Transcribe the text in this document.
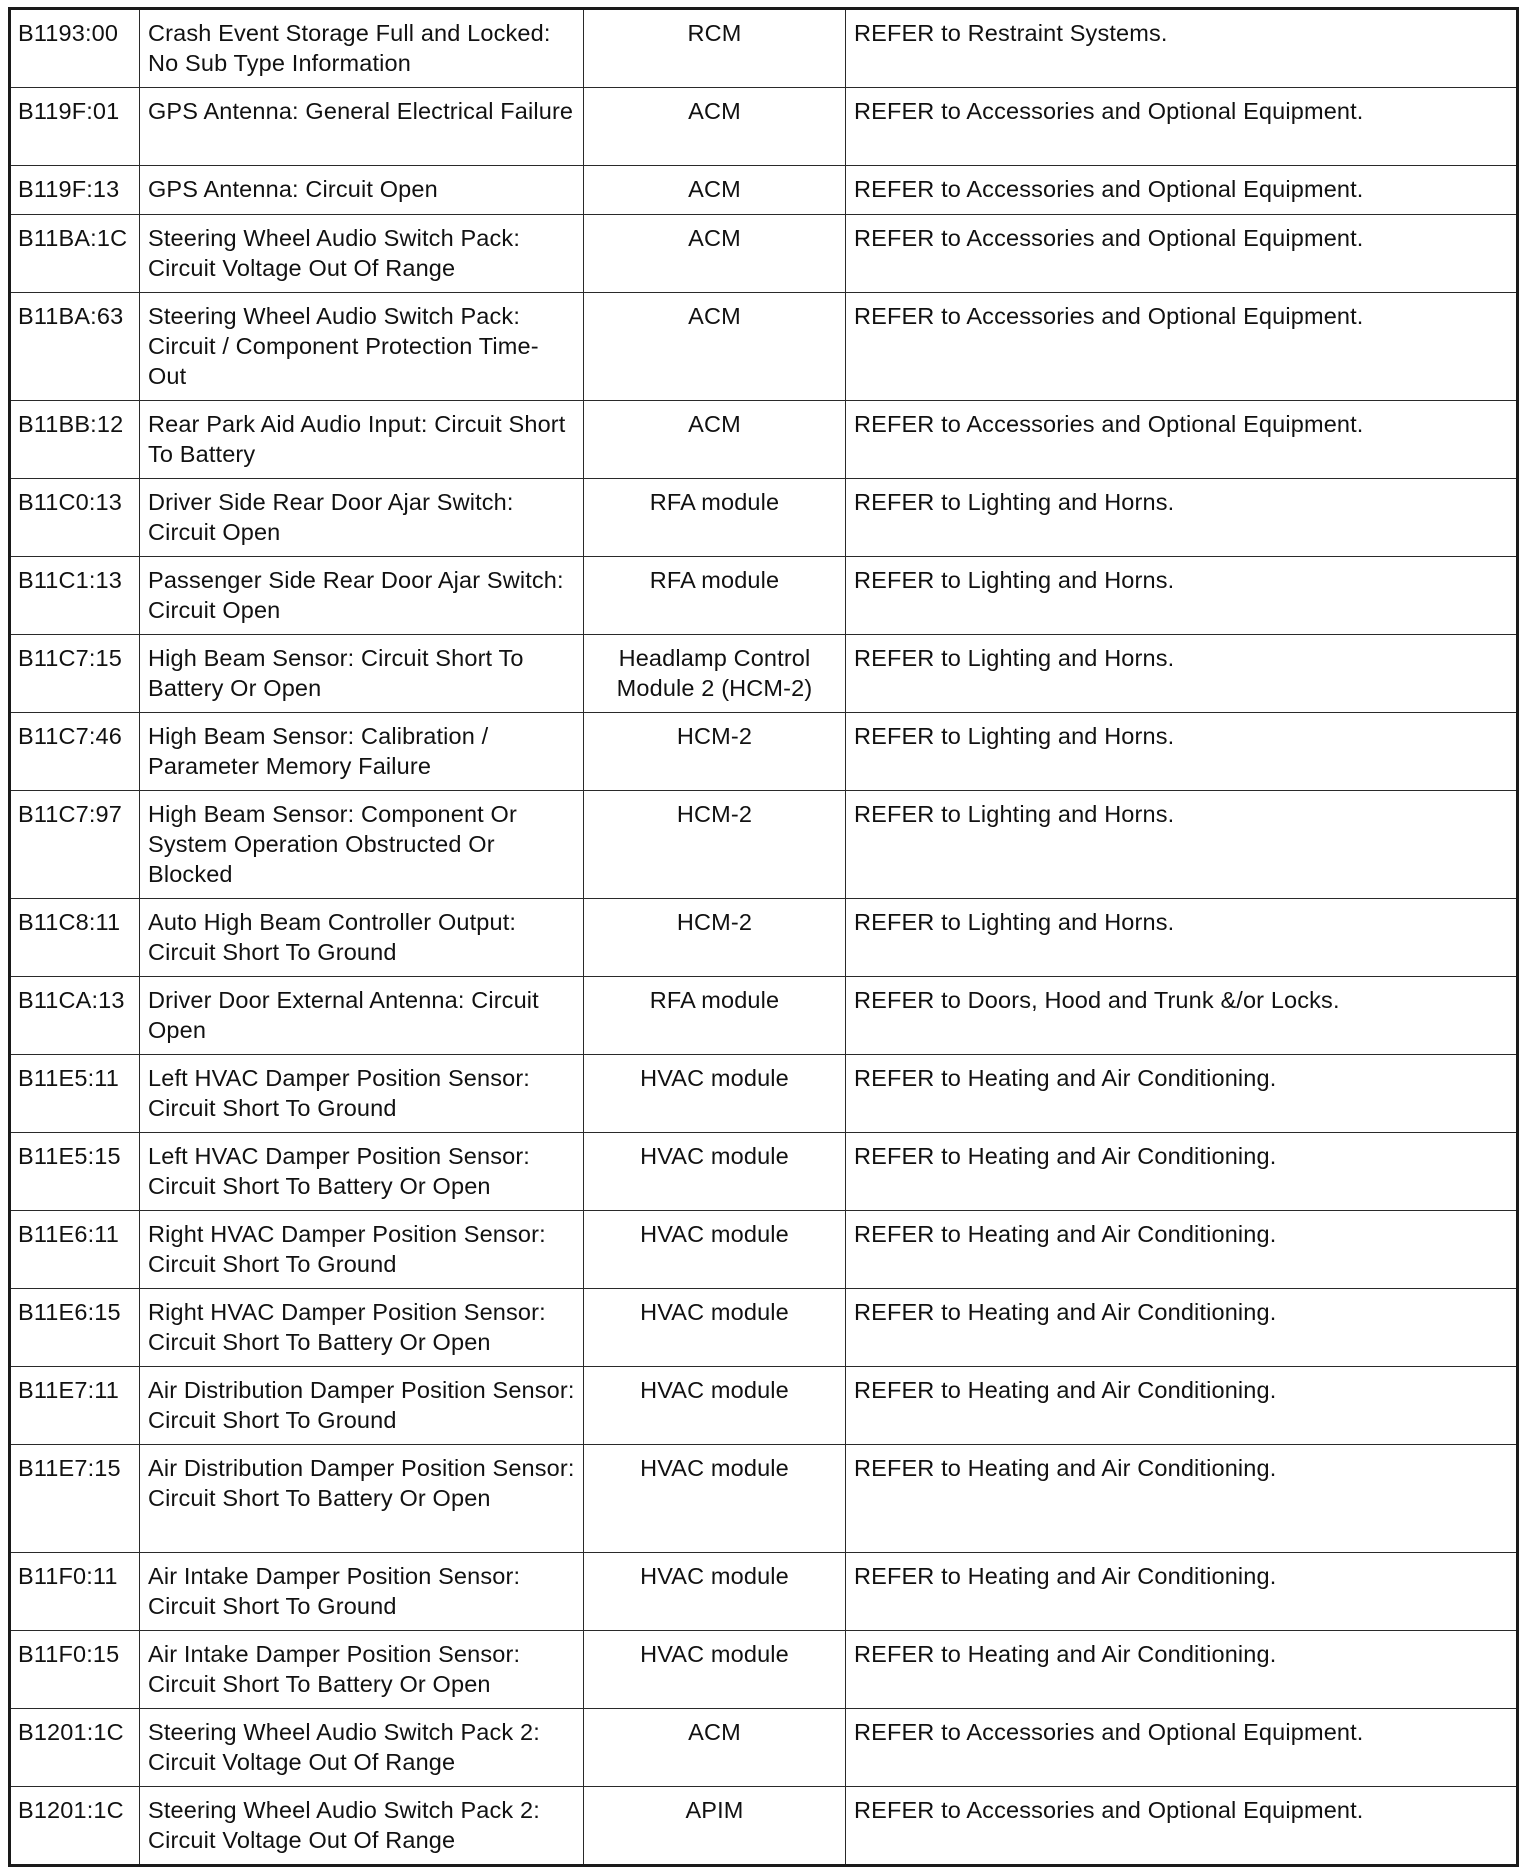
B1193:00	Crash Event Storage Full and Locked: No Sub Type Information	RCM	REFER to Restraint Systems.
B119F:01	GPS Antenna: General Electrical Failure	ACM	REFER to Accessories and Optional Equipment.
B119F:13	GPS Antenna: Circuit Open	ACM	REFER to Accessories and Optional Equipment.
B11BA:1C	Steering Wheel Audio Switch Pack: Circuit Voltage Out Of Range	ACM	REFER to Accessories and Optional Equipment.
B11BA:63	Steering Wheel Audio Switch Pack: Circuit / Component Protection Time-Out	ACM	REFER to Accessories and Optional Equipment.
B11BB:12	Rear Park Aid Audio Input: Circuit Short To Battery	ACM	REFER to Accessories and Optional Equipment.
B11C0:13	Driver Side Rear Door Ajar Switch: Circuit Open	RFA module	REFER to Lighting and Horns.
B11C1:13	Passenger Side Rear Door Ajar Switch: Circuit Open	RFA module	REFER to Lighting and Horns.
B11C7:15	High Beam Sensor: Circuit Short To Battery Or Open	Headlamp Control Module 2 (HCM-2)	REFER to Lighting and Horns.
B11C7:46	High Beam Sensor: Calibration / Parameter Memory Failure	HCM-2	REFER to Lighting and Horns.
B11C7:97	High Beam Sensor: Component Or System Operation Obstructed Or Blocked	HCM-2	REFER to Lighting and Horns.
B11C8:11	Auto High Beam Controller Output: Circuit Short To Ground	HCM-2	REFER to Lighting and Horns.
B11CA:13	Driver Door External Antenna: Circuit Open	RFA module	REFER to Doors, Hood and Trunk &/or Locks.
B11E5:11	Left HVAC Damper Position Sensor: Circuit Short To Ground	HVAC module	REFER to Heating and Air Conditioning.
B11E5:15	Left HVAC Damper Position Sensor: Circuit Short To Battery Or Open	HVAC module	REFER to Heating and Air Conditioning.
B11E6:11	Right HVAC Damper Position Sensor: Circuit Short To Ground	HVAC module	REFER to Heating and Air Conditioning.
B11E6:15	Right HVAC Damper Position Sensor: Circuit Short To Battery Or Open	HVAC module	REFER to Heating and Air Conditioning.
B11E7:11	Air Distribution Damper Position Sensor: Circuit Short To Ground	HVAC module	REFER to Heating and Air Conditioning.
B11E7:15	Air Distribution Damper Position Sensor: Circuit Short To Battery Or Open	HVAC module	REFER to Heating and Air Conditioning.
B11F0:11	Air Intake Damper Position Sensor: Circuit Short To Ground	HVAC module	REFER to Heating and Air Conditioning.
B11F0:15	Air Intake Damper Position Sensor: Circuit Short To Battery Or Open	HVAC module	REFER to Heating and Air Conditioning.
B1201:1C	Steering Wheel Audio Switch Pack 2: Circuit Voltage Out Of Range	ACM	REFER to Accessories and Optional Equipment.
B1201:1C	Steering Wheel Audio Switch Pack 2: Circuit Voltage Out Of Range	APIM	REFER to Accessories and Optional Equipment.
